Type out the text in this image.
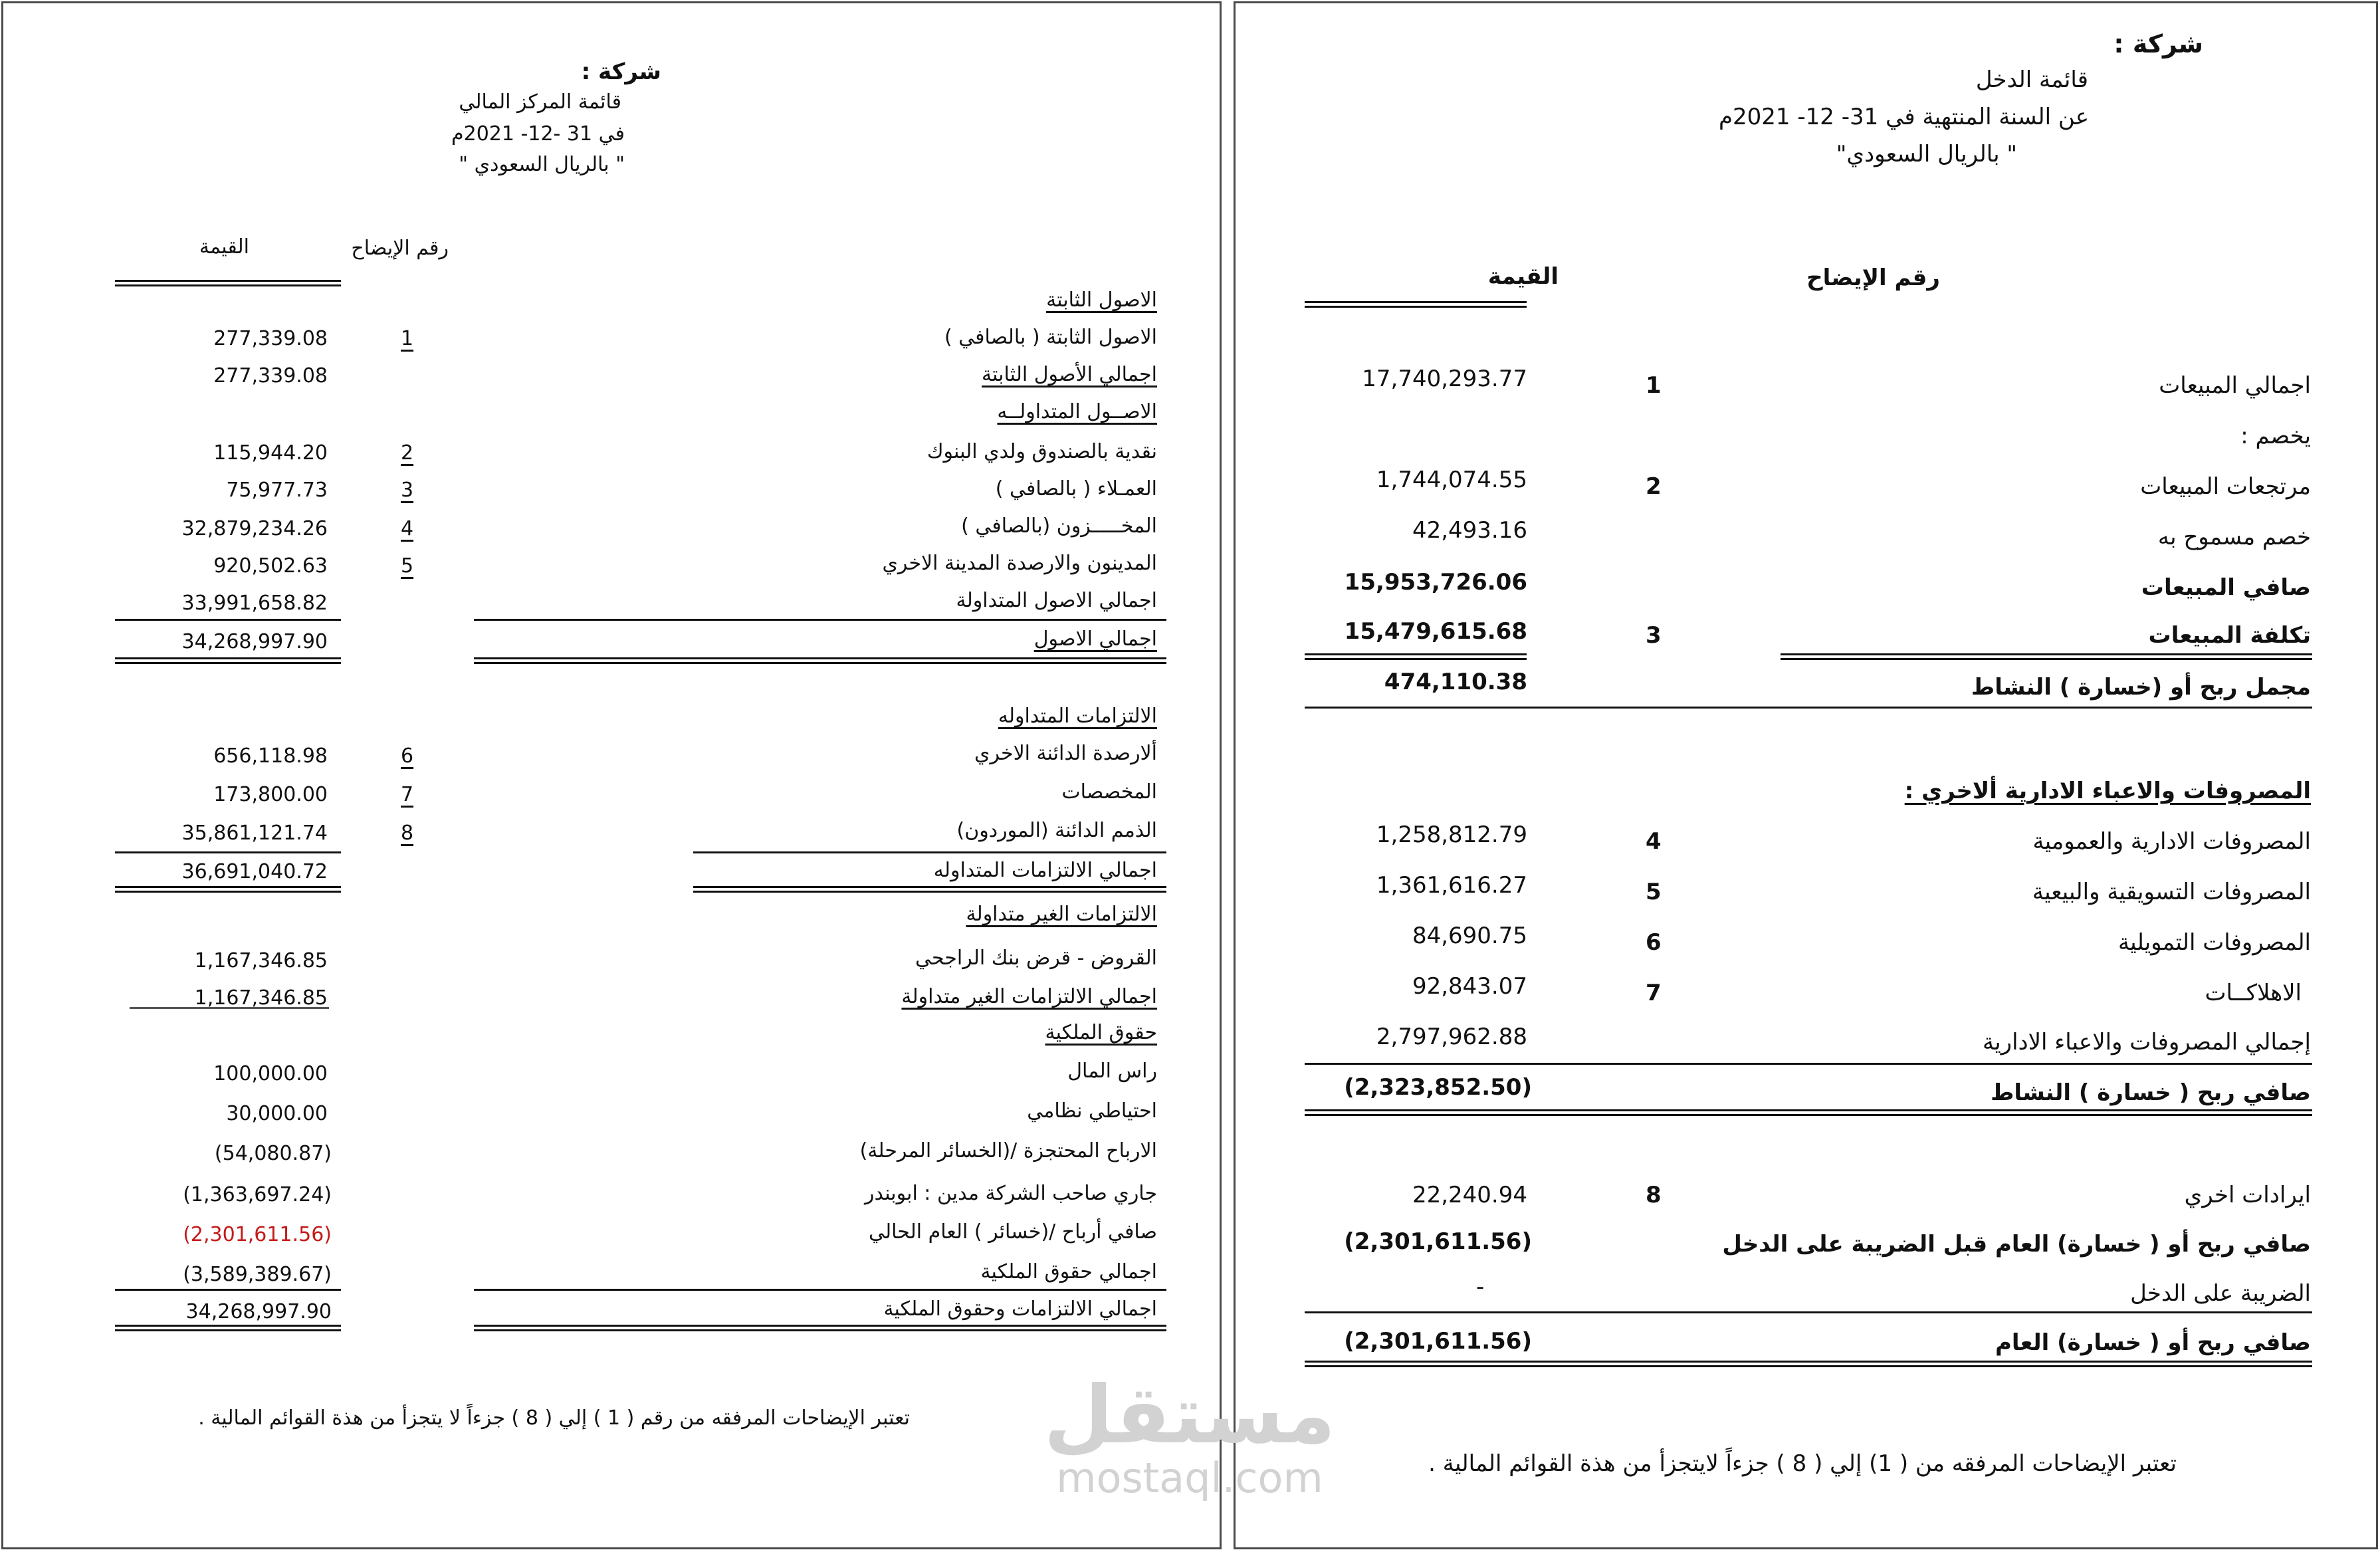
شركة :
قائمة المركز المالي
في 31 -12- 2021م
" بالريال السعودي "
القيمة	رقم الإيضاح
الاصول الثابتة
الاصول الثابتة ( بالصافي )
1
277,339.08
اجمالي الأصول الثابتة
277,339.08
الاصــول المتداولــه
نقدية بالصندوق ولدي البنوك
2
115,944.20
العمـلاء ( بالصافي )
3
75,977.73
المخـــــزون (بالصافي )
4
32,879,234.26
المدينون والارصدة المدينة الاخري
5
920,502.63
اجمالي الاصول المتداولة
33,991,658.82
اجمالي الاصول
34,268,997.90
الالتزامات المتداوله
ألارصدة الدائنة الاخري
6
656,118.98
المخصصات
7
173,800.00
الذمم الدائنة (الموردون)
8
35,861,121.74
اجمالي الالتزامات المتداوله
36,691,040.72
الالتزامات الغير متداولة
القروض - قرض بنك الراجحي
1,167,346.85
اجمالي الالتزامات الغير متداولة
1,167,346.85
حقوق الملكية
راس المال
100,000.00
احتياطي نظامي
30,000.00
الارباح المحتجزة /(الخسائر المرحلة)
(54,080.87)
جاري صاحب الشركة مدين : ابوبندر
(1,363,697.24)
صافي أرباح /(خسائر ) العام الحالي
(2,301,611.56)
اجمالي حقوق الملكية
(3,589,389.67)
اجمالي الالتزامات وحقوق الملكية
34,268,997.90
تعتبر الإيضاحات المرفقه من رقم ( 1 ) إلي ( 8 ) جزءاً لا يتجزأ من هذة القوائم المالية .
شركة :
قائمة الدخل
عن السنة المنتهية في 31- 12- 2021م
" بالريال السعودي"
القيمة	رقم الإيضاح
اجمالي المبيعات
1
17,740,293.77
يخصم :
مرتجعات المبيعات
2
1,744,074.55
خصم مسموح به
42,493.16
صافي المبيعات
15,953,726.06
تكلفة المبيعات
3
15,479,615.68
مجمل ربح أو (خسارة ) النشاط
474,110.38
المصروفات والاعباء الادارية ألاخري :
المصروفات الادارية والعمومية
4
1,258,812.79
المصروفات التسويقية والبيعية
5
1,361,616.27
المصروفات التمويلية
6
84,690.75
الاهلاكــات
7
92,843.07
إجمالي المصروفات والاعباء الادارية
2,797,962.88
صافي ربح ( خسارة ) النشاط
(2,323,852.50)
ايرادات اخري
8
22,240.94
صافي ربح أو ( خسارة) العام قبل الضريبة على الدخل
(2,301,611.56)
الضريبة على الدخل
-
صافي ربح أو ( خسارة) العام
(2,301,611.56)
تعتبر الإيضاحات المرفقه من ( 1) إلي ( 8 ) جزءاً لايتجزأ من هذة القوائم المالية .
مستقل
mostaql.com
